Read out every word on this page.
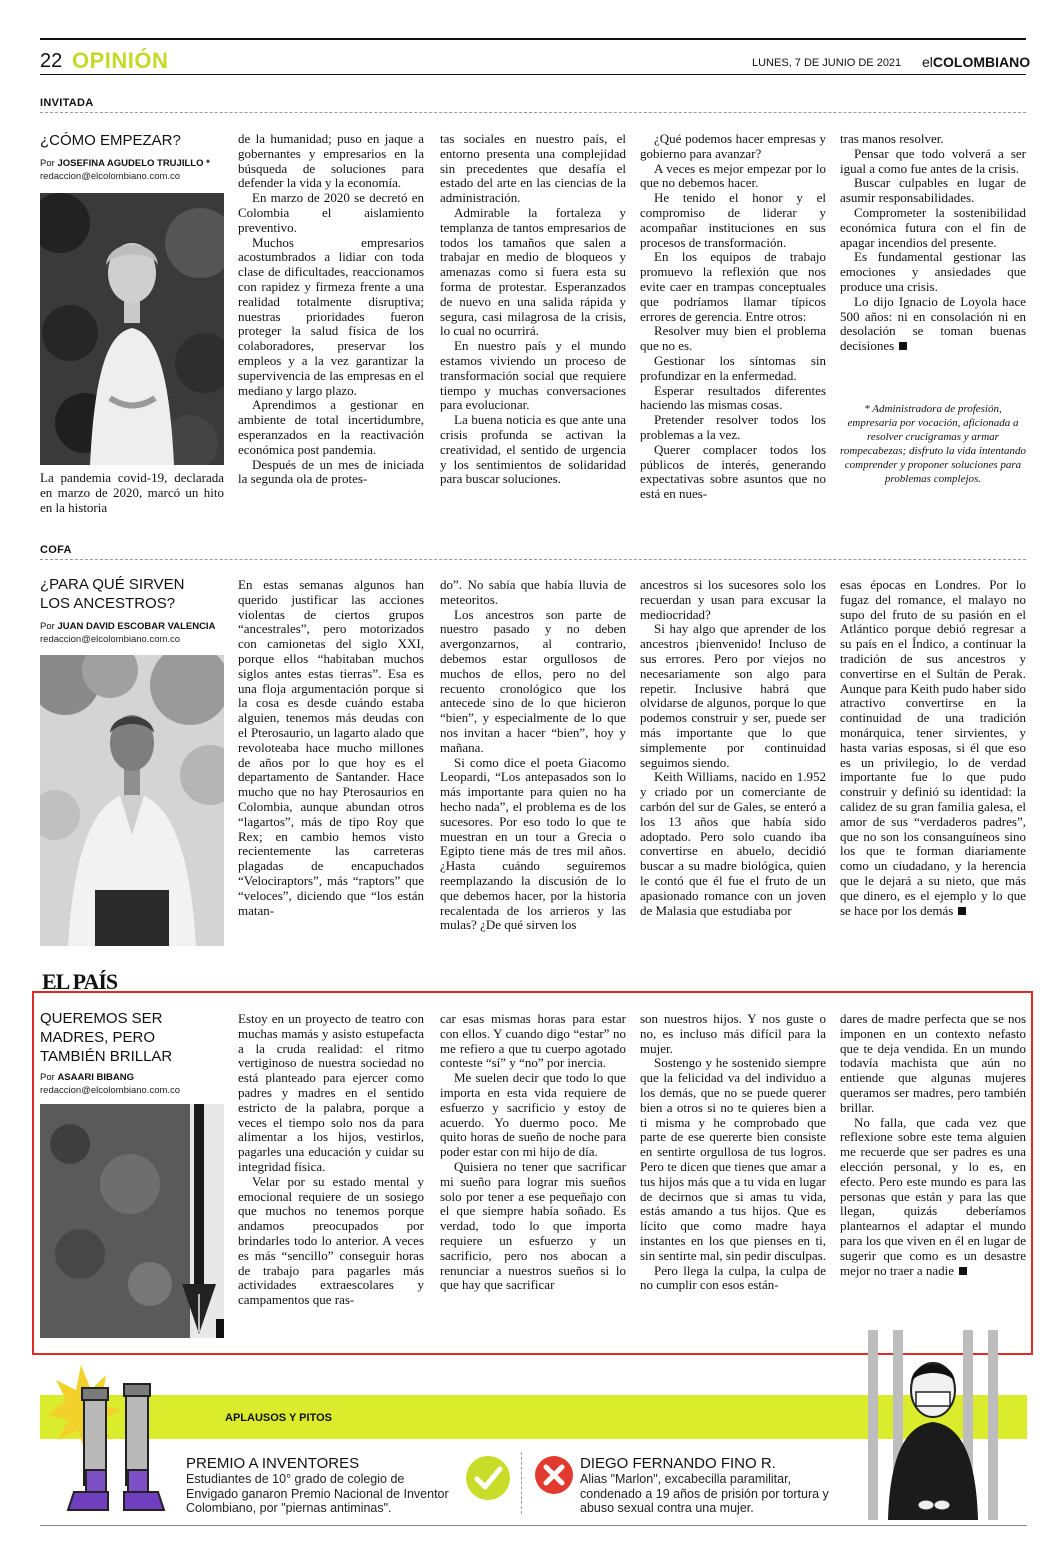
22 OPINIÓN	LUNES, 7 DE JUNIO DE 2021 elCOLOMBIANO
INVITADA
¿CÓMO EMPEZAR?
Por JOSEFINA AGUDELO TRUJILLO *
redaccion@elcolombiano.com.co

La pandemia covid-19, declarada en marzo de 2020, marcó un hito en la historia

de la humanidad; puso en jaque a gobernantes y empresarios en la búsqueda de soluciones para defender la vida y la economía.

En marzo de 2020 se decretó en Colombia el aislamiento preventivo.

Muchos empresarios acostumbrados a lidiar con toda clase de dificultades, reaccionamos con rapidez y firmeza frente a una realidad totalmente disruptiva; nuestras prioridades fueron proteger la salud física de los colaboradores, preservar los empleos y a la vez garantizar la supervivencia de las empresas en el mediano y largo plazo.

Aprendimos a gestionar en ambiente de total incertidumbre, esperanzados en la reactivación económica post pandemia.

Después de un mes de iniciada la segunda ola de protes-

tas sociales en nuestro país, el entorno presenta una complejidad sin precedentes que desafía el estado del arte en las ciencias de la administración.

Admirable la fortaleza y templanza de tantos empresarios de todos los tamaños que salen a trabajar en medio de bloqueos y amenazas como si fuera esta su forma de protestar. Esperanzados de nuevo en una salida rápida y segura, casi milagrosa de la crisis, lo cual no ocurrirá.

En nuestro país y el mundo estamos viviendo un proceso de transformación social que requiere tiempo y muchas conversaciones para evolucionar.

La buena noticia es que ante una crisis profunda se activan la creatividad, el sentido de urgencia y los sentimientos de solidaridad para buscar soluciones.

¿Qué podemos hacer empresas y gobierno para avanzar?

A veces es mejor empezar por lo que no debemos hacer.

He tenido el honor y el compromiso de liderar y acompañar instituciones en sus procesos de transformación.

En los equipos de trabajo promuevo la reflexión que nos evite caer en trampas conceptuales que podríamos llamar típicos errores de gerencia. Entre otros:

Resolver muy bien el problema que no es.

Gestionar los síntomas sin profundizar en la enfermedad.

Esperar resultados diferentes haciendo las mismas cosas.

Pretender resolver todos los problemas a la vez.

Querer complacer todos los públicos de interés, generando expectativas sobre asuntos que no está en nues-

tras manos resolver.

Pensar que todo volverá a ser igual a como fue antes de la crisis.

Buscar culpables en lugar de asumir responsabilidades.

Comprometer la sostenibilidad económica futura con el fin de apagar incendios del presente.

Es fundamental gestionar las emociones y ansiedades que produce una crisis.

Lo dijo Ignacio de Loyola hace 500 años: ni en consolación ni en desolación se toman buenas decisiones

* Administradora de profesión, empresaria por vocación, aficionada a resolver crucigramas y armar rompecabezas; disfruto la vida intentando comprender y proponer soluciones para problemas complejos.
COFA
¿PARA QUÉ SIRVEN
LOS ANCESTROS?
Por JUAN DAVID ESCOBAR VALENCIA
redaccion@elcolombiano.com.co

En estas semanas algunos han querido justificar las acciones violentas de ciertos grupos “ancestrales”, pero motorizados con camionetas del siglo XXI, porque ellos “habitaban muchos siglos antes estas tierras”. Esa es una floja argumentación porque si la cosa es desde cuándo estaba alguien, tenemos más deudas con el Pterosaurio, un lagarto alado que revoloteaba hace mucho millones de años por lo que hoy es el departamento de Santander. Hace mucho que no hay Pterosaurios en Colombia, aunque abundan otros “lagartos”, más de tipo Roy que Rex; en cambio hemos visto recientemente las carreteras plagadas de encapuchados “Velociraptors”, más “raptors” que “veloces”, diciendo que “los están matan-

do”. No sabía que había lluvia de meteoritos.

Los ancestros son parte de nuestro pasado y no deben avergonzarnos, al contrario, debemos estar orgullosos de muchos de ellos, pero no del recuento cronológico que los antecede sino de lo que hicieron “bien”, y especialmente de lo que nos invitan a hacer “bien”, hoy y mañana.

Si como dice el poeta Giacomo Leopardi, “Los antepasados son lo más importante para quien no ha hecho nada”, el problema es de los sucesores. Por eso todo lo que te muestran en un tour a Grecia o Egipto tiene más de tres mil años. ¿Hasta cuándo seguiremos reemplazando la discusión de lo que debemos hacer, por la historia recalentada de los arrieros y las mulas? ¿De qué sirven los

ancestros si los sucesores solo los recuerdan y usan para excusar la mediocridad?

Si hay algo que aprender de los ancestros ¡bienvenido! Incluso de sus errores. Pero por viejos no necesariamente son algo para repetir. Inclusive habrá que olvidarse de algunos, porque lo que podemos construir y ser, puede ser más importante que lo que simplemente por continuidad seguimos siendo.

Keith Williams, nacido en 1.952 y criado por un comerciante de carbón del sur de Gales, se enteró a los 13 años que había sido adoptado. Pero solo cuando iba convertirse en abuelo, decidió buscar a su madre biológica, quien le contó que él fue el fruto de un apasionado romance con un joven de Malasia que estudiaba por

esas épocas en Londres. Por lo fugaz del romance, el malayo no supo del fruto de su pasión en el Atlántico porque debió regresar a su país en el Índico, a continuar la tradición de sus ancestros y convertirse en el Sultán de Perak. Aunque para Keith pudo haber sido atractivo convertirse en la continuidad de una tradición monárquica, tener sirvientes, y hasta varias esposas, si él que eso es un privilegio, lo de verdad importante fue lo que pudo construir y definió su identidad: la calidez de su gran familia galesa, el amor de sus “verdaderos padres”, que no son los consanguíneos sino los que te forman diariamente como un ciudadano, y la herencia que le dejará a su nieto, que más que dinero, es el ejemplo y lo que se hace por los demás

EL PAÍS
QUEREMOS SER
MADRES, PERO
TAMBIÉN BRILLAR
Por ASAARI BIBANG
redaccion@elcolombiano.com.co

Estoy en un proyecto de teatro con muchas mamás y asisto estupefacta a la cruda realidad: el ritmo vertiginoso de nuestra sociedad no está planteado para ejercer como padres y madres en el sentido estricto de la palabra, porque a veces el tiempo solo nos da para alimentar a los hijos, vestirlos, pagarles una educación y cuidar su integridad física.

Velar por su estado mental y emocional requiere de un sosiego que muchos no tenemos porque andamos preocupados por brindarles todo lo anterior. A veces es más “sencillo” conseguir horas de trabajo para pagarles más actividades extraescolares y campamentos que ras-

car esas mismas horas para estar con ellos. Y cuando digo “estar” no me refiero a que tu cuerpo agotado conteste “sí” y “no” por inercia.

Me suelen decir que todo lo que importa en esta vida requiere de esfuerzo y sacrificio y estoy de acuerdo. Yo duermo poco. Me quito horas de sueño de noche para poder estar con mi hijo de día.

Quisiera no tener que sacrificar mi sueño para lograr mis sueños solo por tener a ese pequeñajo con el que siempre había soñado. Es verdad, todo lo que importa requiere un esfuerzo y un sacrificio, pero nos abocan a renunciar a nuestros sueños si lo que hay que sacrificar

son nuestros hijos. Y nos guste o no, es incluso más difícil para la mujer.

Sostengo y he sostenido siempre que la felicidad va del individuo a los demás, que no se puede querer bien a otros si no te quieres bien a ti misma y he comprobado que parte de ese quererte bien consiste en sentirte orgullosa de tus logros. Pero te dicen que tienes que amar a tus hijos más que a tu vida en lugar de decirnos que si amas tu vida, estás amando a tus hijos. Que es lícito que como madre haya instantes en los que pienses en ti, sin sentirte mal, sin pedir disculpas.

Pero llega la culpa, la culpa de no cumplir con esos están-

dares de madre perfecta que se nos imponen en un contexto nefasto que te deja vendida. En un mundo todavía machista que aún no entiende que algunas mujeres queramos ser madres, pero también brillar.

No falla, que cada vez que reflexione sobre este tema alguien me recuerde que ser padres es una elección personal, y lo es, en efecto. Pero este mundo es para las personas que están y para las que llegan, quizás deberíamos plantearnos el adaptar el mundo para los que viven en él en lugar de sugerir que como es un desastre mejor no traer a nadie

APLAUSOS Y PITOS
PREMIO A INVENTORES
Estudiantes de 10° grado de colegio de Envigado ganaron Premio Nacional de Inventor
Colombiano, por "piernas antiminas".
DIEGO FERNANDO FINO R.
Alias "Marlon", excabecilla paramilitar, condenado a 19 años de prisión por tortura y abuso sexual contra una mujer.
